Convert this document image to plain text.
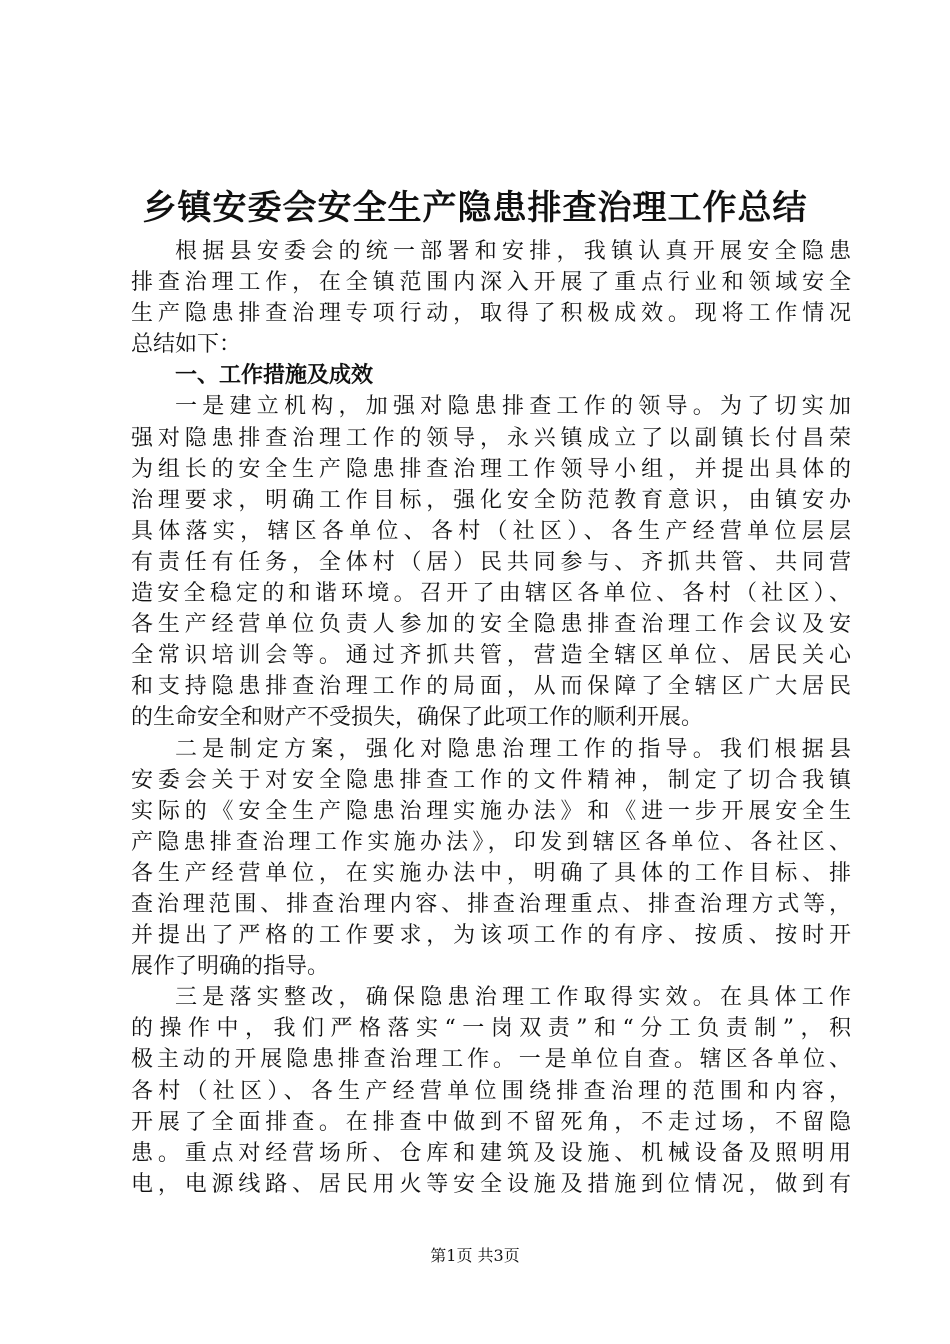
乡镇安委会安全生产隐患排查治理工作总结
根据县安委会的统一部署和安排，我镇认真开展安全隐患
排查治理工作，在全镇范围内深入开展了重点行业和领域安全
生产隐患排查治理专项行动，取得了积极成效。现将工作情况
总结如下：
一、工作措施及成效
一是建立机构，加强对隐患排查工作的领导。为了切实加
强对隐患排查治理工作的领导，永兴镇成立了以副镇长付昌荣
为组长的安全生产隐患排查治理工作领导小组，并提出具体的
治理要求，明确工作目标，强化安全防范教育意识，由镇安办
具体落实，辖区各单位、各村（社区）、各生产经营单位层层
有责任有任务，全体村（居）民共同参与、齐抓共管、共同营
造安全稳定的和谐环境。召开了由辖区各单位、各村（社区）、
各生产经营单位负责人参加的安全隐患排查治理工作会议及安
全常识培训会等。通过齐抓共管，营造全辖区单位、居民关心
和支持隐患排查治理工作的局面，从而保障了全辖区广大居民
的生命安全和财产不受损失，确保了此项工作的顺利开展。
二是制定方案，强化对隐患治理工作的指导。我们根据县
安委会关于对安全隐患排查工作的文件精神，制定了切合我镇
实际的《安全生产隐患治理实施办法》和《进一步开展安全生
产隐患排查治理工作实施办法》，印发到辖区各单位、各社区、
各生产经营单位，在实施办法中，明确了具体的工作目标、排
查治理范围、排查治理内容、排查治理重点、排查治理方式等，
并提出了严格的工作要求，为该项工作的有序、按质、按时开
展作了明确的指导。
三是落实整改，确保隐患治理工作取得实效。在具体工作
的操作中，我们严格落实“一岗双责”和“分工负责制”，积
极主动的开展隐患排查治理工作。一是单位自查。辖区各单位、
各村（社区）、各生产经营单位围绕排查治理的范围和内容，
开展了全面排查。在排查中做到不留死角，不走过场，不留隐
患。重点对经营场所、仓库和建筑及设施、机械设备及照明用
电，电源线路、居民用火等安全设施及措施到位情况，做到有
第1页 共3页
